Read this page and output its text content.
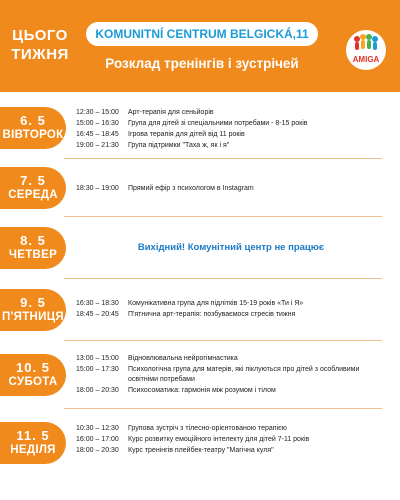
ЦЬОГО ТИЖНЯ
KOMUNITNÍ CENTRUM BELGICKÁ,11
Розклад тренінгів і зустрічей	AMIGA
6. 5
ВІВТОРОК
12:30 – 15:00	Арт-терапія для сеньйорів
15:00 – 16:30	Група для дітей зі спеціальними потребами - 8-15 років
16:45 – 18:45	Ігрова терапія для дітей від 11 років
19:00 – 21:30	Група підтримки "Таха ж, як і я"
7. 5
СЕРЕДА
18:30 – 19:00	Прямий ефір з психологом в Instagram
8. 5
ЧЕТВЕР
Вихідний! Комунітний центр не працює
9. 5
П'ЯТНИЦЯ
16:30 – 18:30	Комунікативна група для підлітків 15-19 років «Ти і Я»
18:45 – 20:45	П'ятнична арт-терапія: позбуваємося стресів тижня
10. 5
СУБОТА
13:00 – 15:00	Відновлювальна нейрогімнастика
15:00 – 17:30	Психологічна група для матерів, які піклуються про дітей з особливими освітніми потребами
18:00 – 20:30	Психосоматика: гармонія між розумом і тілом
11. 5
НЕДІЛЯ
10:30 – 12:30	Групова зустріч з тілесно-орієнтованою терапією
16:00 – 17:00	Курс розвитку емоційного інтелекту для дітей 7-11 років
18:00 – 20:30	Курс тренінгів плейбек-театру "Магічна куля"
